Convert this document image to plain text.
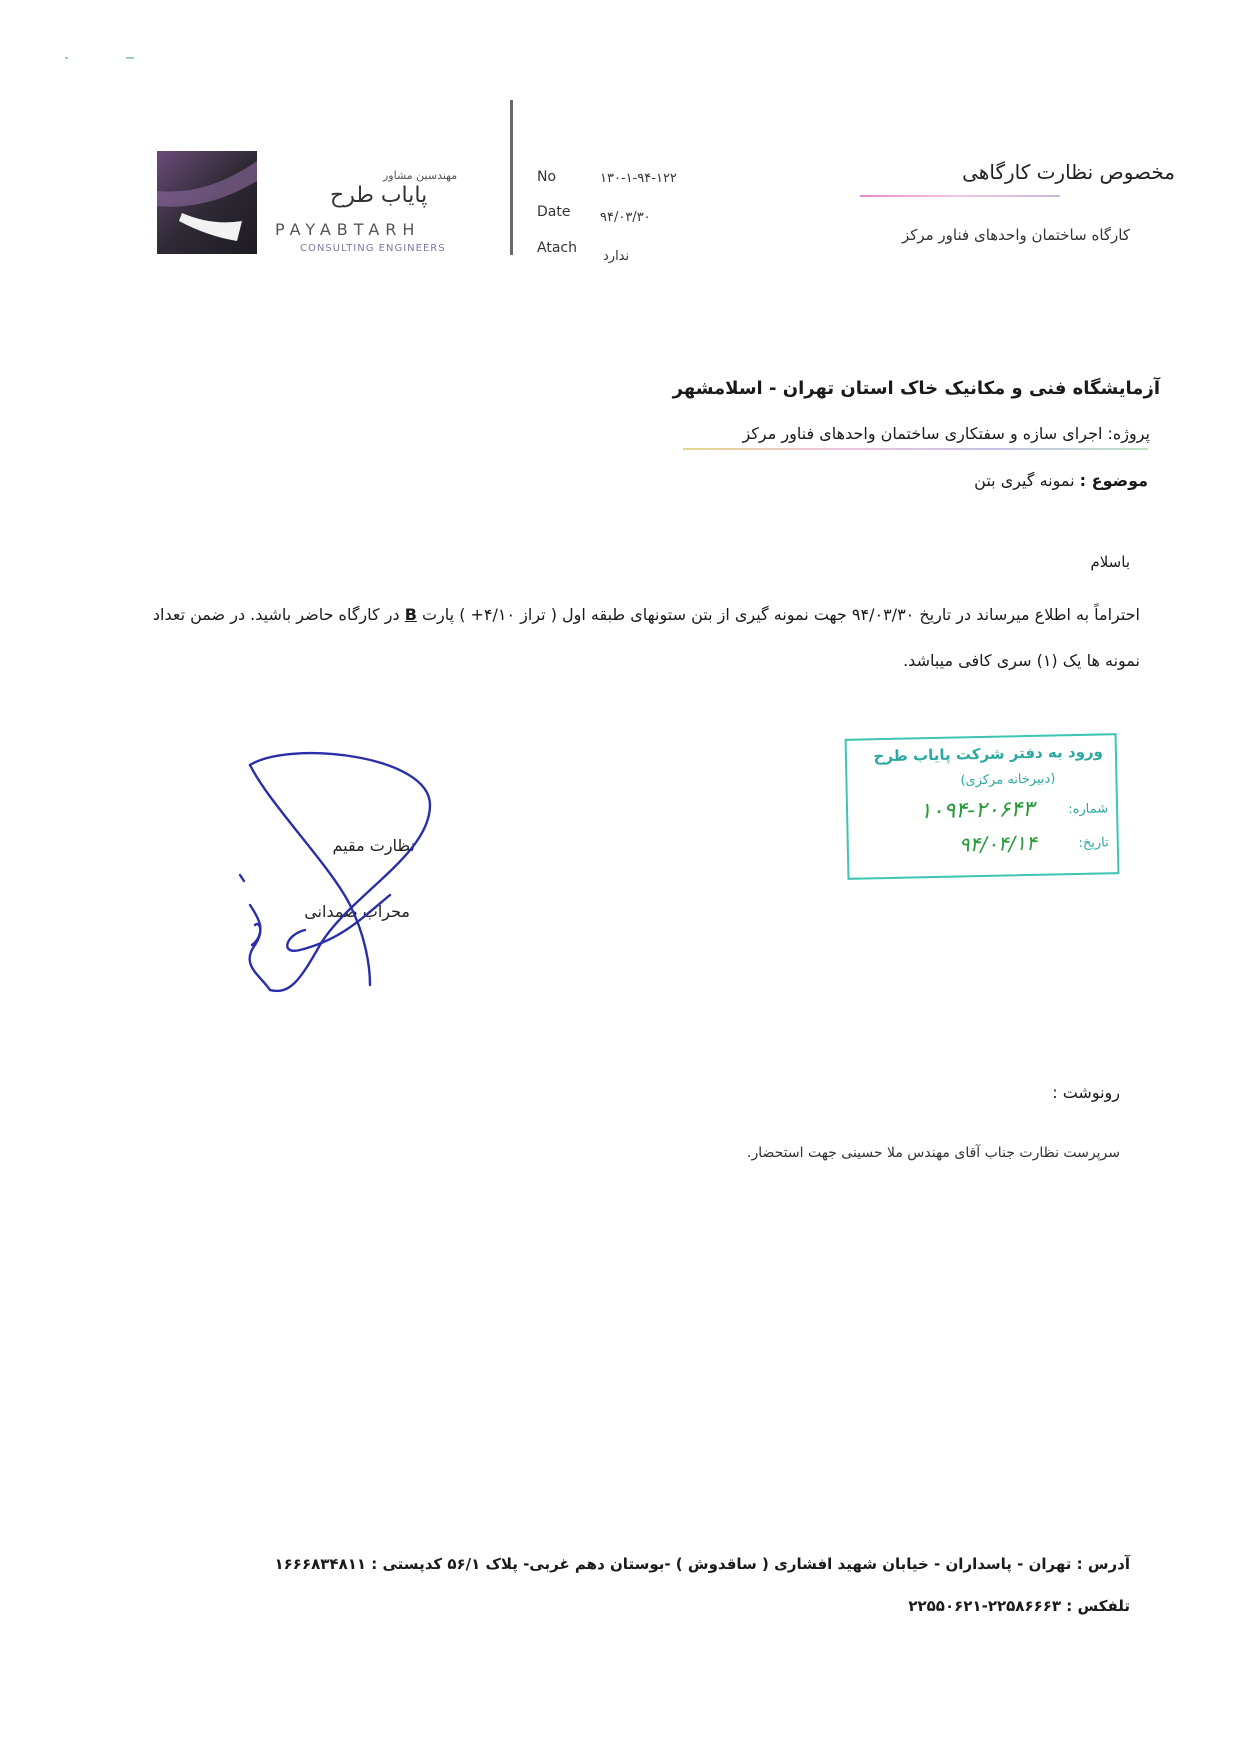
مهندسین مشاور
پایاب طرح
PAYABTARH
CONSULTING ENGINEERS
No	۱۳۰-۱-۹۴-۱۲۲
Date ۹۴/۰۳/۳۰
Atach
ندارد
مخصوص نظارت کارگاهی
کارگاه ساختمان واحدهای فناور مرکز
آزمایشگاه فنی و مکانیک خاک استان تهران - اسلامشهر
پروژه: اجرای سازه و سفتکاری ساختمان واحدهای فناور مرکز
موضوع : نمونه گیری بتن
باسلام
احتراماً به اطلاع میرساند در تاریخ ۹۴/۰۳/۳۰ جهت نمونه گیری از بتن ستونهای طبقه اول ( تراز ۴/۱۰+ ) پارت B در کارگاه حاضر باشید. در ضمن تعداد نمونه ها یک (۱) سری کافی میباشد.
ورود به دفتر شرکت پایاب طرح
(دبیرخانه مرکزی)
شماره:
۱۰۹۴-۲۰۶۴۳
تاریخ:
۹۴/۰۴/۱۴
نظارت مقیم
محراب صمدانی
رونوشت :
سرپرست نظارت جناب آقای مهندس ملا حسینی جهت استحضار.
آدرس : تهران - پاسداران - خیابان شهید افشاری ( ساقدوش ) -بوستان دهم غربی- پلاک ۵۶/۱ کدپستی : ۱۶۶۶۸۳۴۸۱۱
تلفکس : ۲۲۵۸۶۶۶۳-۲۲۵۵۰۶۲۱
